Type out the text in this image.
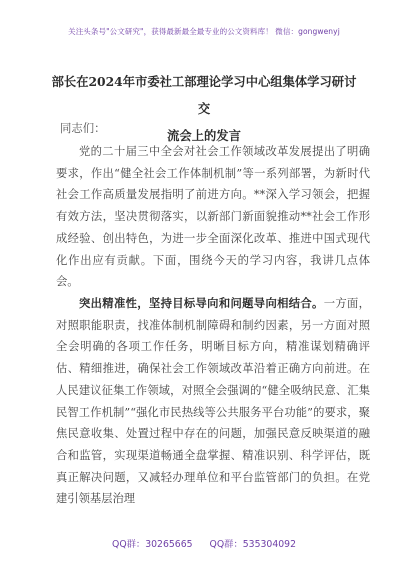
关注头条号"公文研究"，获得最新最全最专业的公文资料库！ 微信：gongwenyj
部长在2024年市委社工部理论学习中心组集体学习研讨交
流会上的发言
同志们：

党的二十届三中全会对社会工作领域改革发展提出了明确要求，作出“健全社会工作体制机制”等一系列部署，为新时代社会工作高质量发展指明了前进方向。**深入学习领会，把握有效方法，坚决贯彻落实，以新部门新面貌推动**社会工作形成经验、创出特色，为进一步全面深化改革、推进中国式现代化作出应有贡献。下面，围绕今天的学习内容，我讲几点体会。

突出精准性，坚持目标导向和问题导向相结合。一方面，对照职能职责，找准体制机制障碍和制约因素，另一方面对照全会明确的各项工作任务，明晰目标方向，精准谋划精确评估、精细推进，确保社会工作领域改革沿着正确方向前进。在人民建议征集工作领域，对照全会强调的“健全吸纳民意、汇集民智工作机制”“强化市民热线等公共服务平台功能”的要求，聚焦民意收集、处置过程中存在的问题，加强民意反映渠道的融合和监管，实现渠道畅通全盘掌握、精准识别、科学评估，既真正解决问题，又减轻办理单位和平台监管部门的负担。在党建引领基层治理

QQ群：30265665 QQ群：535304092
